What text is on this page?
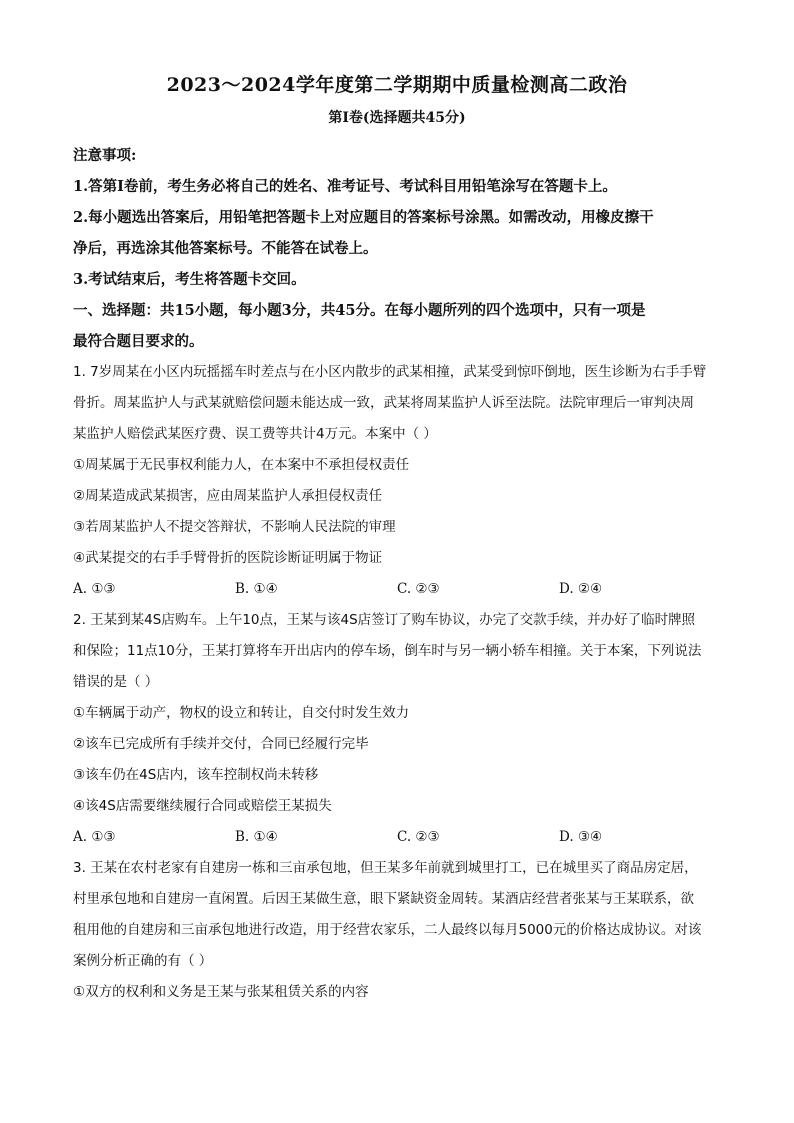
2023～2024学年度第二学期期中质量检测高二政治
第Ⅰ卷(选择题共45分)

注意事项:

1.答第Ⅰ卷前，考生务必将自己的姓名、准考证号、考试科目用铅笔涂写在答题卡上。

2.每小题选出答案后，用铅笔把答题卡上对应题目的答案标号涂黑。如需改动，用橡皮擦干

净后，再选涂其他答案标号。不能答在试卷上。

3.考试结束后，考生将答题卡交回。

一、选择题：共15小题，每小题3分，共45分。在每小题所列的四个选项中，只有一项是

最符合题目要求的。

1. 7岁周某在小区内玩摇摇车时差点与在小区内散步的武某相撞，武某受到惊吓倒地，医生诊断为右手手臂

骨折。周某监护人与武某就赔偿问题未能达成一致，武某将周某监护人诉至法院。法院审理后一审判决周

某监护人赔偿武某医疗费、误工费等共计4万元。本案中（ ）

①周某属于无民事权利能力人，在本案中不承担侵权责任

②周某造成武某损害，应由周某监护人承担侵权责任

③若周某监护人不提交答辩状，不影响人民法院的审理

④武某提交的右手手臂骨折的医院诊断证明属于物证

A. ①③	B. ①④	C. ②③	D. ②④

2. 王某到某4S店购车。上午10点，王某与该4S店签订了购车协议，办完了交款手续，并办好了临时牌照

和保险；11点10分，王某打算将车开出店内的停车场，倒车时与另一辆小轿车相撞。关于本案，下列说法

错误的是（ ）

①车辆属于动产，物权的设立和转让，自交付时发生效力

②该车已完成所有手续并交付，合同已经履行完毕

③该车仍在4S店内，该车控制权尚未转移

④该4S店需要继续履行合同或赔偿王某损失

A. ①③	B. ①④	C. ②③	D. ③④

3. 王某在农村老家有自建房一栋和三亩承包地，但王某多年前就到城里打工，已在城里买了商品房定居，

村里承包地和自建房一直闲置。后因王某做生意，眼下紧缺资金周转。某酒店经营者张某与王某联系，欲

租用他的自建房和三亩承包地进行改造，用于经营农家乐，二人最终以每月5000元的价格达成协议。对该

案例分析正确的有（ ）

①双方的权利和义务是王某与张某租赁关系的内容
